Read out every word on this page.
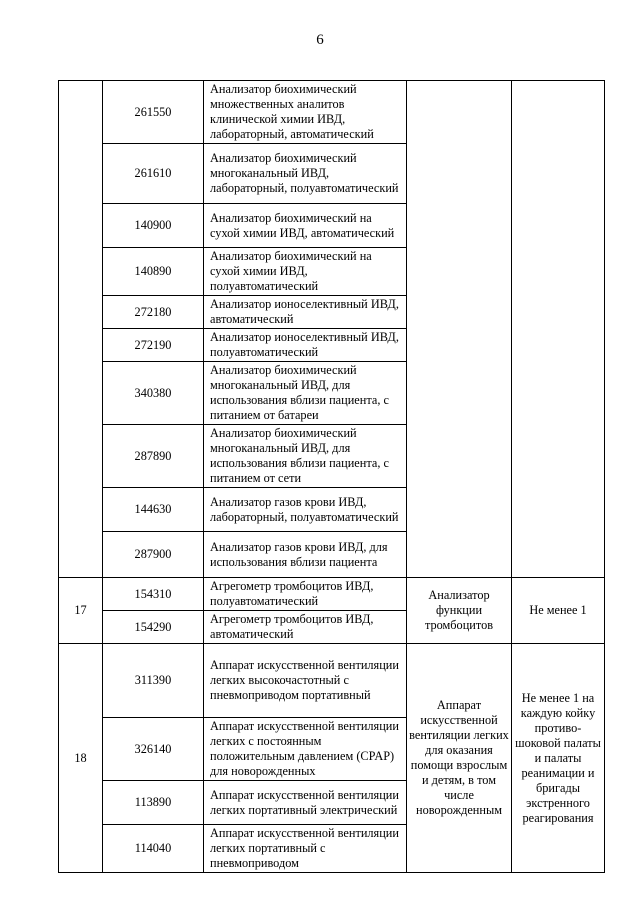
6
	261550	Анализатор биохимический множественных аналитов клинической химии ИВД, лабораторный, автоматический		
	261610	Анализатор биохимический многоканальный ИВД, лабораторный, полуавтоматический		
	140900	Анализатор биохимический на сухой химии ИВД, автоматический		
	140890	Анализатор биохимический на сухой химии ИВД, полуавтоматический		
	272180	Анализатор ионоселективный ИВД, автоматический		
	272190	Анализатор ионоселективный ИВД, полуавтоматический		
	340380	Анализатор биохимический многоканальный ИВД, для использования вблизи пациента, с питанием от батареи		
	287890	Анализатор биохимический многоканальный ИВД, для использования вблизи пациента, с питанием от сети		
	144630	Анализатор газов крови ИВД, лабораторный, полуавтоматический		
	287900	Анализатор газов крови ИВД, для использования вблизи пациента		
17	154310	Агрегометр тромбоцитов ИВД, полуавтоматический	Анализатор функции тромбоцитов	Не менее 1
	154290	Агрегометр тромбоцитов ИВД, автоматический		
18	311390	Аппарат искусственной вентиляции легких высокочастотный с пневмоприводом портативный	Аппарат искусственной вентиляции легких для оказания помощи взрослым и детям, в том числе новорожденным	Не менее 1 на каждую койку противо-шоковой палаты и палаты реанимации и бригады экстренного реагирования
	326140	Аппарат искусственной вентиляции легких с постоянным положительным давлением (CPAP) для новорожденных		
	113890	Аппарат искусственной вентиляции легких портативный электрический		
	114040	Аппарат искусственной вентиляции легких портативный с пневмоприводом		
